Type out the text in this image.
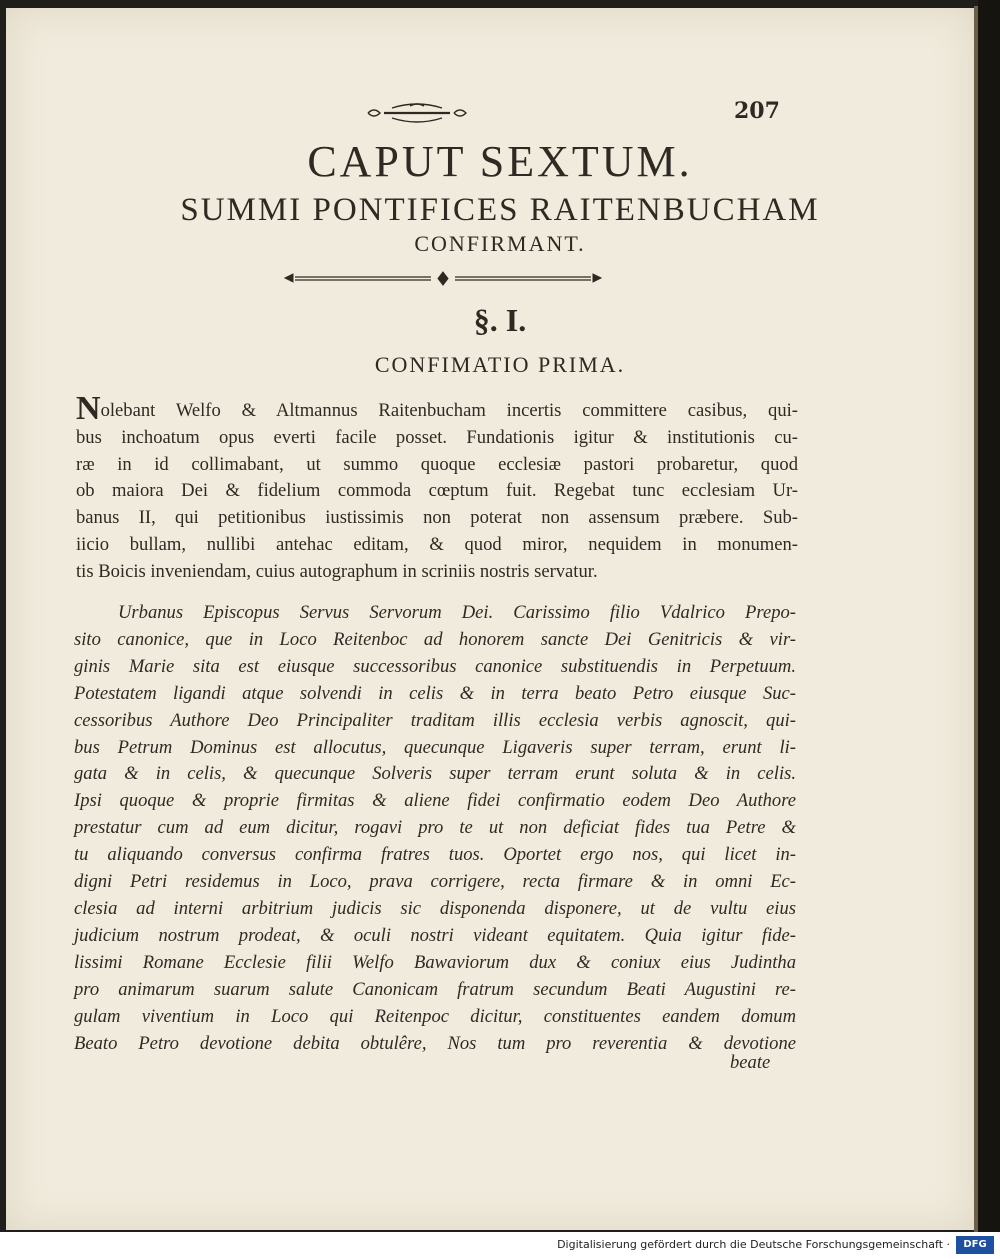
207
CAPUT SEXTUM.
SUMMI PONTIFICES RAITENBUCHAM
CONFIRMANT.
§. I.
CONFIMATIO PRIMA.
Nolebant Welfo & Altmannus Raitenbucham incertis committere casibus, qui-
bus inchoatum opus everti facile posset. Fundationis igitur & institutionis cu-
ræ in id collimabant, ut summo quoque ecclesiæ pastori probaretur, quod
ob maiora Dei & fidelium commoda cœptum fuit. Regebat tunc ecclesiam Ur-
banus II, qui petitionibus iustissimis non poterat non assensum præbere. Sub-
iicio bullam, nullibi antehac editam, & quod miror, nequidem in monumen-
tis Boicis inveniendam, cuius autographum in scriniis nostris servatur.
Urbanus Episcopus Servus Servorum Dei. Carissimo filio Vdalrico Prepo-
sito canonice, que in Loco Reitenboc ad honorem sancte Dei Genitricis & vir-
ginis Marie sita est eiusque successoribus canonice substituendis in Perpetuum.
Potestatem ligandi atque solvendi in celis & in terra beato Petro eiusque Suc-
cessoribus Authore Deo Principaliter traditam illis ecclesia verbis agnoscit, qui-
bus Petrum Dominus est allocutus, quecunque Ligaveris super terram, erunt li-
gata & in celis, & quecunque Solveris super terram erunt soluta & in celis.
Ipsi quoque & proprie firmitas & aliene fidei confirmatio eodem Deo Authore
prestatur cum ad eum dicitur, rogavi pro te ut non deficiat fides tua Petre &
tu aliquando conversus confirma fratres tuos. Oportet ergo nos, qui licet in-
digni Petri residemus in Loco, prava corrigere, recta firmare & in omni Ec-
clesia ad interni arbitrium judicis sic disponenda disponere, ut de vultu eius
judicium nostrum prodeat, & oculi nostri videant equitatem. Quia igitur fide-
lissimi Romane Ecclesie filii Welfo Bawaviorum dux & coniux eius Judintha
pro animarum suarum salute Canonicam fratrum secundum Beati Augustini re-
gulam viventium in Loco qui Reitenpoc dicitur, constituentes eandem domum
Beato Petro devotione debita obtulêre, Nos tum pro reverentia & devotione
beate
Digitalisierung gefördert durch die Deutsche Forschungsgemeinschaft ·	DFG
